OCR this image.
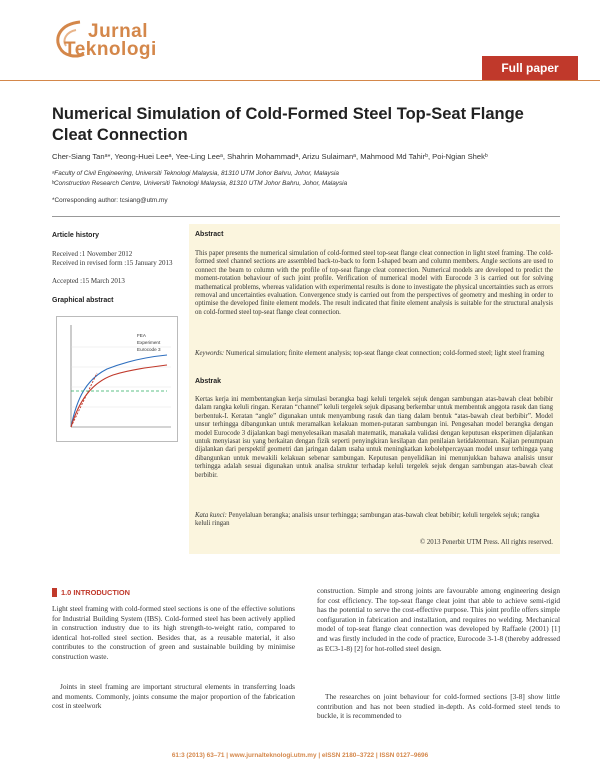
Jurnal
Teknologi
Full paper
Numerical Simulation of Cold-Formed Steel Top-Seat Flange Cleat Connection
Cher-Siang Tanᵃ*, Yeong-Huei Leeᵃ, Yee-Ling Leeᵃ, Shahrin Mohammadᵃ, Arizu Sulaimanᵃ, Mahmood Md Tahirᵇ, Poi-Ngian Shekᵇ
ᵃFaculty of Civil Engineering, Universiti Teknologi Malaysia, 81310 UTM Johor Bahru, Johor, Malaysia
ᵇConstruction Research Centre, Universiti Teknologi Malaysia, 81310 UTM Johor Bahru, Johor, Malaysia
*Corresponding author: tcsiang@utm.my
Article history
Received :1 November 2012
Received in revised form :15 January 2013
Accepted :15 March 2013
Graphical abstract
FEA
Experiment
Eurocode 3
Abstract
This paper presents the numerical simulation of cold-formed steel top-seat flange cleat connection in light steel framing. The cold-formed steel channel sections are assembled back-to-back to form I-shaped beam and column members. Angle sections are used to connect the beam to column with the profile of top-seat flange cleat connection. Numerical models are developed to predict the moment-rotation behaviour of such joint profile. Verification of numerical model with Eurocode 3 is carried out for solving mathematical problems, whereas validation with experimental results is done to investigate the physical uncertainties such as errors removal and uncertainties evaluation. Convergence study is carried out from the perspectives of geometry and meshing in order to optimise the developed finite element models. The result indicated that finite element analysis is suitable for the structural analysis on cold-formed steel top-seat flange cleat connection.
Keywords: Numerical simulation; finite element analysis; top-seat flange cleat connection; cold-formed steel; light steel framing
Abstrak
Kertas kerja ini membentangkan kerja simulasi berangka bagi keluli tergelek sejuk dengan sambungan atas-bawah cleat bebibir dalam rangka keluli ringan. Keratan “channel” keluli tergelek sejuk dipasang berkembar untuk membentuk anggota rasuk dan tiang berbentuk-I. Keratan “angle” digunakan untuk menyambung rasuk dan tiang dalam bentuk “atas-bawah cleat berbibir”. Model unsur terhingga dibangunkan untuk meramalkan kelakuan momen-putaran sambungan ini. Pengesahan model berangka dengan model Eurocode 3 dijalankan bagi menyelesaikan masalah matematik, manakala validasi dengan keputusan eksperimen dijalankan untuk menyiasat isu yang berkaitan dengan fizik seperti penyingkiran kesilapan dan penilaian ketidaktentuan. Kajian penumpuan dijalankan dari perspektif geometri dan jaringan dalam usaha untuk meningkatkan kebolehpercayaan model unsur terhingga yang dibangunkan untuk mewakili kelakuan sebenar sambungan. Keputusan penyelidikan ini menunjukkan bahawa analisis unsur terhingga adalah sesuai digunakan untuk analisa struktur terhadap keluli tergelek sejuk dengan sambungan atas-bawah cleat berbibir.
Kata kunci: Penyelaluan berangka; analisis unsur terhingga; sambungan atas-bawah cleat bebibir; keluli tergelek sejuk; rangka keluli ringan
© 2013 Penerbit UTM Press. All rights reserved.
1.0 INTRODUCTION
Light steel framing with cold-formed steel sections is one of the effective solutions for Industrial Building System (IBS). Cold-formed steel has been actively applied in construction industry due to its high strength-to-weight ratio, compared to identical hot-rolled steel section. Besides that, as a reusable material, it also contributes to the construction of green and sustainable building by minimise construction waste.
Joints in steel framing are important structural elements in transferring loads and moments. Commonly, joints consume the major proportion of the fabrication cost in steelwork
construction. Simple and strong joints are favourable among engineering design for cost efficiency. The top-seat flange cleat joint that able to achieve semi-rigid has the potential to serve the cost-effective purpose. This joint profile offers simple configuration in fabrication and installation, and requires no welding. Mechanical model of top-seat flange cleat connection was developed by Raffaele (2001) [1] and was firstly included in the code of practice, Eurocode 3-1-8 (thereby addressed as EC3-1-8) [2] for hot-rolled steel design.
The researches on joint behaviour for cold-formed sections [3-8] show little contribution and has not been studied in-depth. As cold-formed steel tends to buckle, it is recommended to
61:3 (2013) 63–71 | www.jurnalteknologi.utm.my | eISSN 2180–3722 | ISSN 0127–9696
